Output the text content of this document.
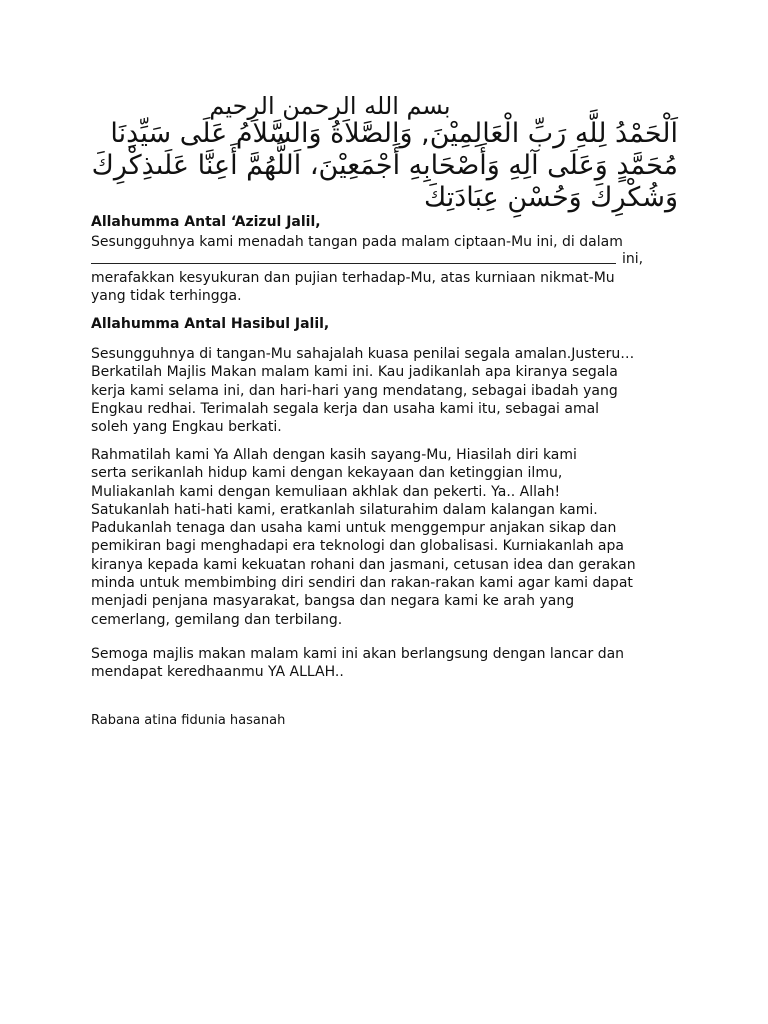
بسم الله الرحمن الرحيم
اَلْحَمْدُ لِلَّهِ رَبِّ الْعَالِمِيْنَ, وَالصَّلاَةُ وَالسَّلاَمُ عَلَى سَيِّدِنَا
مُحَمَّدٍ وَعَلَى آلِهِ وَأَصْحَابِهِ أَجْمَعِيْنَ، اَللَّهُمَّ أَعِنَّا عَلَىذِكْرِكَ
وَشُكْرِكَ وَحُسْنِ عِبَادَتِكَ
Allahumma Antal ‘Azizul Jalil,
Sesungguhnya kami menadah tangan pada malam ciptaan-Mu ini, di dalam
ini,
merafakkan kesyukuran dan pujian terhadap-Mu, atas kurniaan nikmat-Mu
yang tidak terhingga.
Allahumma Antal Hasibul Jalil,
Sesungguhnya di tangan-Mu sahajalah kuasa penilai segala amalan.Justeru…
Berkatilah Majlis Makan malam kami ini. Kau jadikanlah apa kiranya segala
kerja kami selama ini, dan hari-hari yang mendatang, sebagai ibadah yang
Engkau redhai. Terimalah segala kerja dan usaha kami itu, sebagai amal
soleh yang Engkau berkati.
Rahmatilah kami Ya Allah dengan kasih sayang-Mu, Hiasilah diri kami
serta serikanlah hidup kami dengan kekayaan dan ketinggian ilmu,
Muliakanlah kami dengan kemuliaan akhlak dan pekerti. Ya.. Allah!
Satukanlah hati-hati kami, eratkanlah silaturahim dalam kalangan kami.
Padukanlah tenaga dan usaha kami untuk menggempur anjakan sikap dan
pemikiran bagi menghadapi era teknologi dan globalisasi. Kurniakanlah apa
kiranya kepada kami kekuatan rohani dan jasmani, cetusan idea dan gerakan
minda untuk membimbing diri sendiri dan rakan-rakan kami agar kami dapat
menjadi penjana masyarakat, bangsa dan negara kami ke arah yang
cemerlang, gemilang dan terbilang.
Semoga majlis makan malam kami ini akan berlangsung dengan lancar dan
mendapat keredhaanmu YA ALLAH..
Rabana atina fidunia hasanah
